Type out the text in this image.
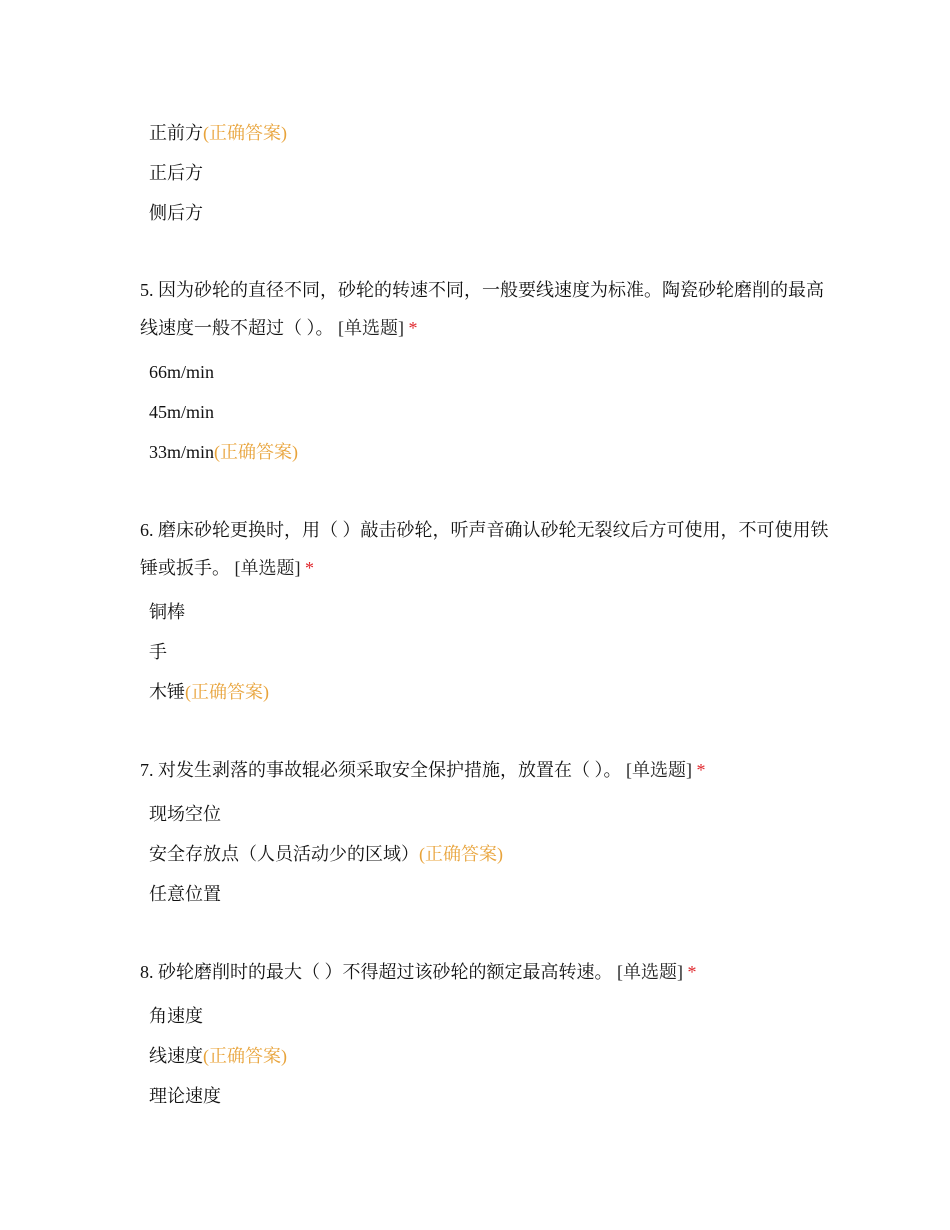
正前方(正确答案)
正后方
侧后方
5. 因为砂轮的直径不同，砂轮的转速不同，一般要线速度为标准。陶瓷砂轮磨削的最高线速度一般不超过（ ）。 [单选题] *
66m/min
45m/min
33m/min(正确答案)
6. 磨床砂轮更换时，用（ ）敲击砂轮，听声音确认砂轮无裂纹后方可使用，不可使用铁锤或扳手。 [单选题] *
铜棒
手
木锤(正确答案)
7. 对发生剥落的事故辊必须采取安全保护措施，放置在（ ）。 [单选题] *
现场空位
安全存放点（人员活动少的区域）(正确答案)
任意位置
8. 砂轮磨削时的最大（ ）不得超过该砂轮的额定最高转速。 [单选题] *
角速度
线速度(正确答案)
理论速度
